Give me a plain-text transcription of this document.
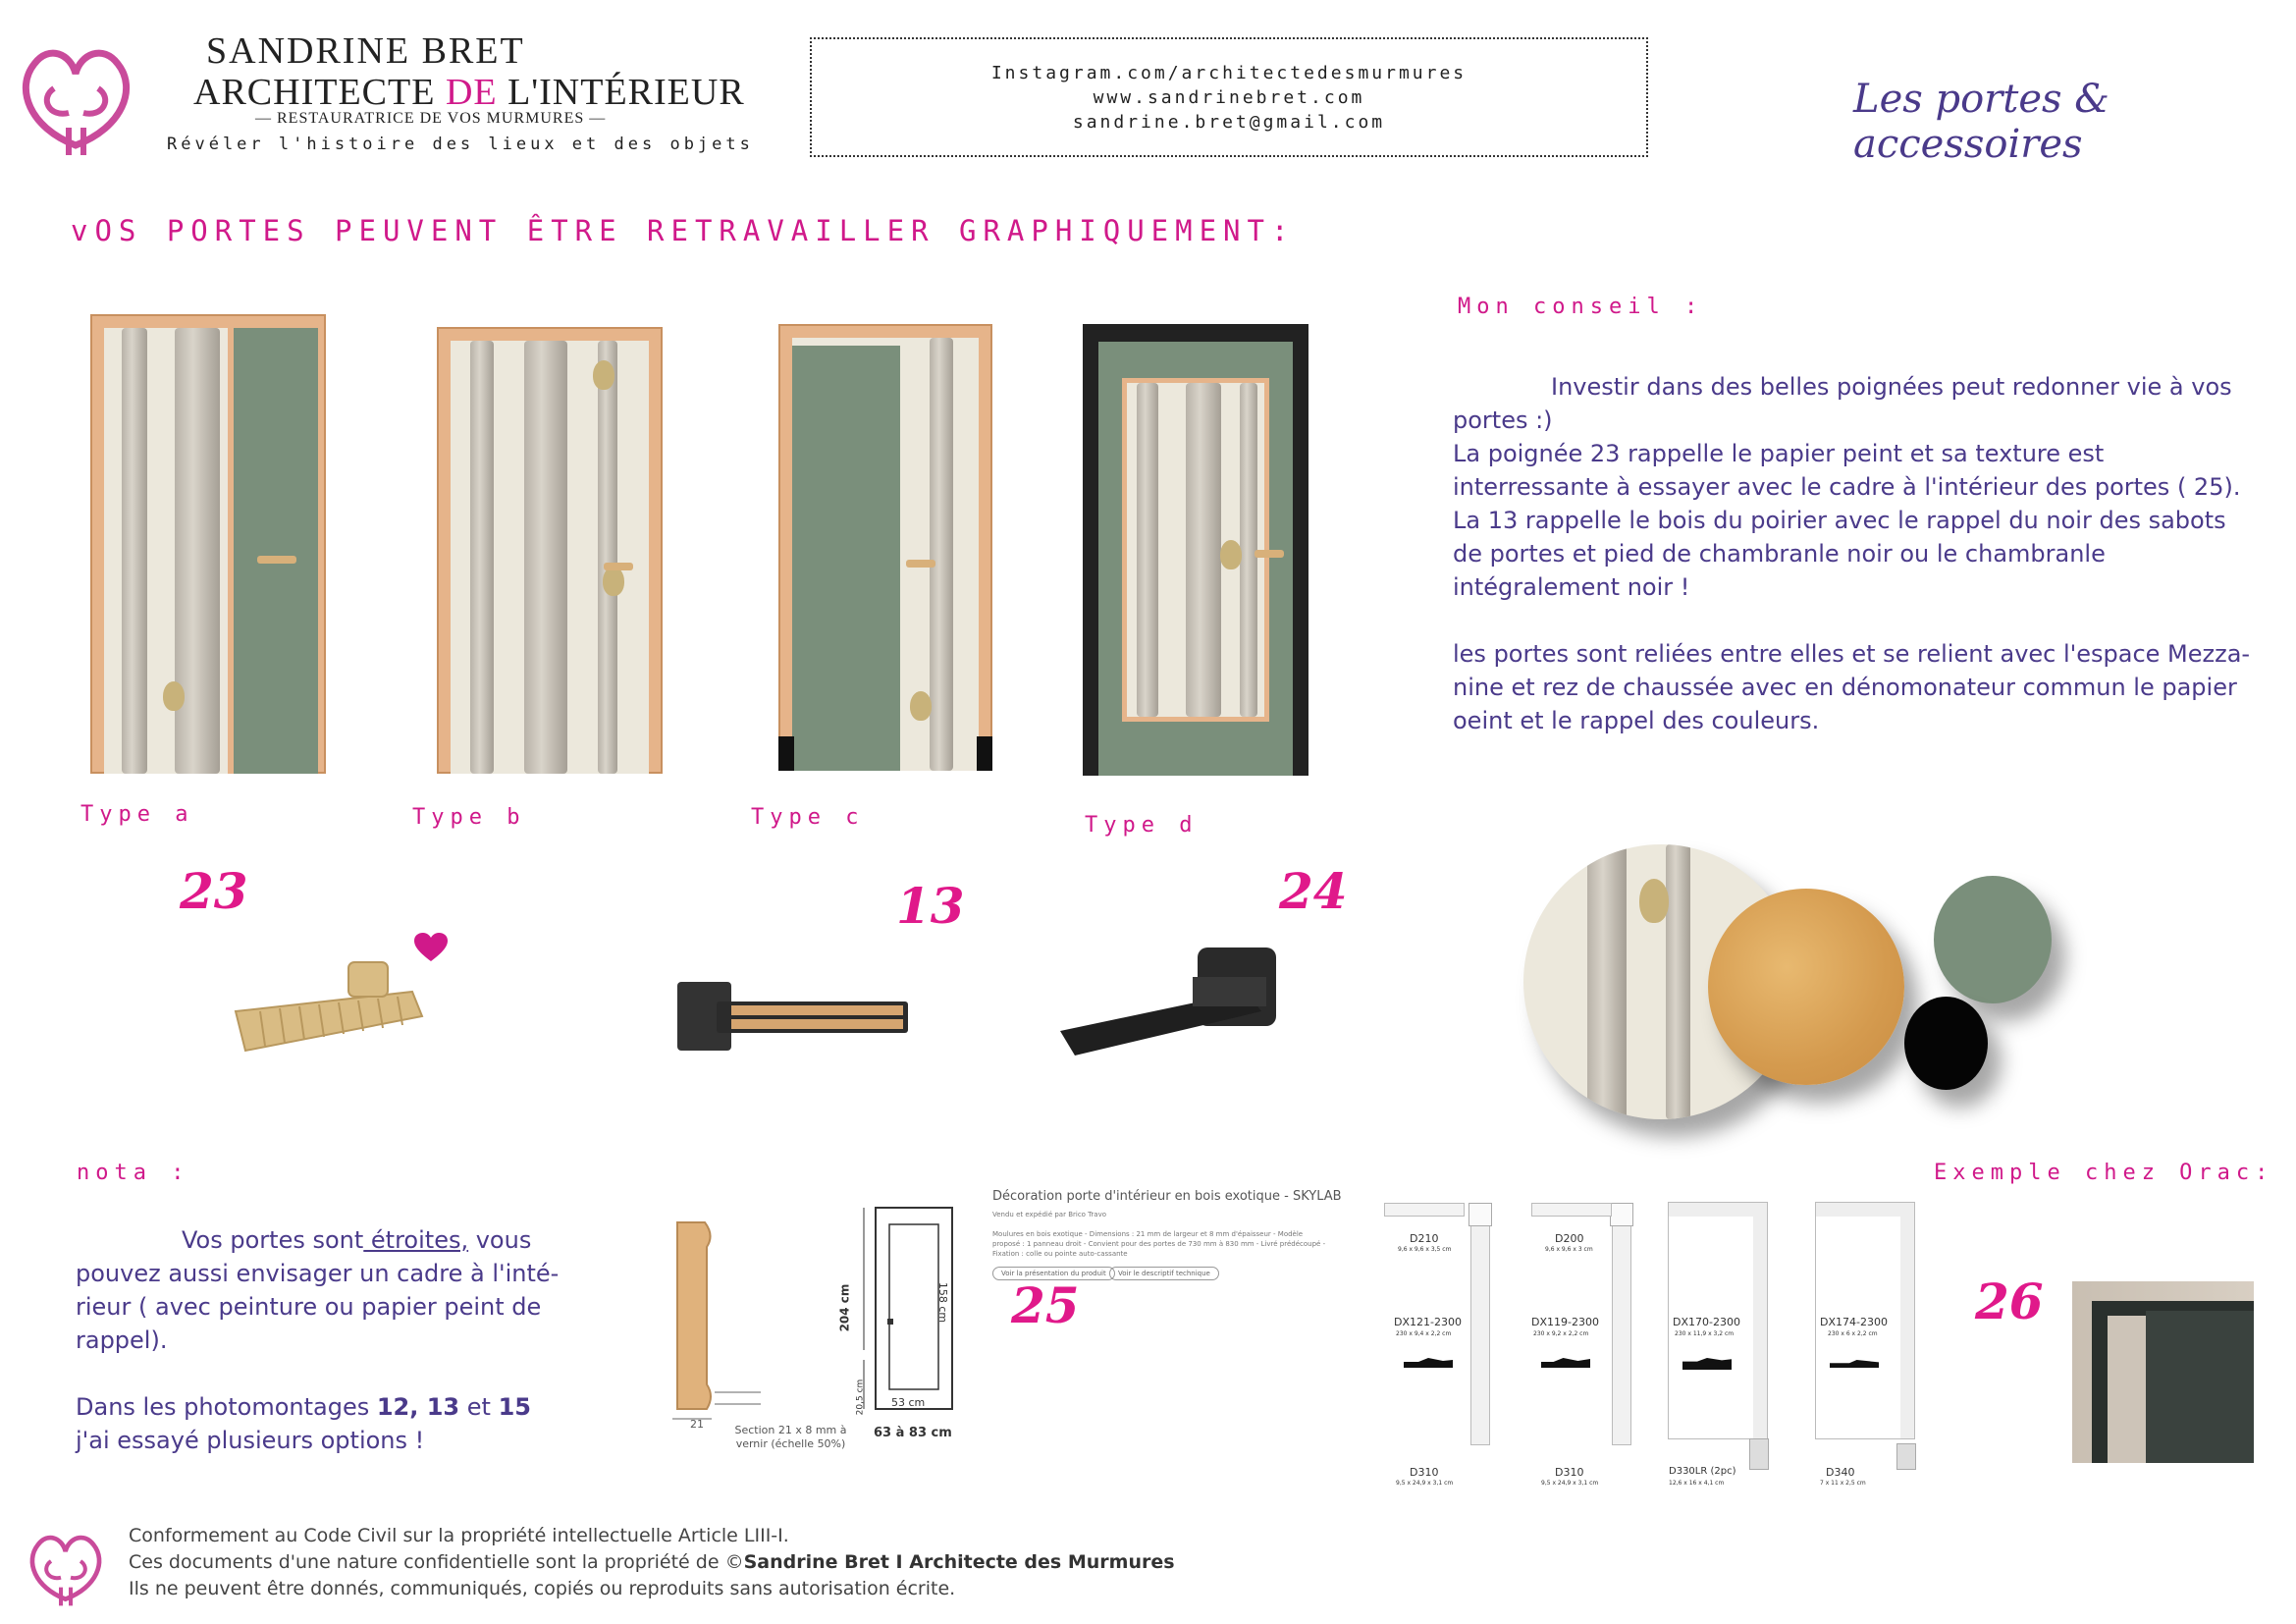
SANDRINE BRET
ARCHITECTE DE L'INTÉRIEUR
— RESTAURATRICE DE VOS MURMURES —
Révéler l'histoire des lieux et des objets
Instagram.com/architectedesmurmures
www.sandrinebret.com
sandrine.bret@gmail.com
Les portes & accessoires
vOS PORTES PEUVENT ÊTRE RETRAVAILLER GRAPHIQUEMENT:
Type a	Type b	Type c	Type d
Mon conseil :
Investir dans des belles poignées peut redonner vie à vos portes :)
La poignée 23 rappelle le papier peint et sa texture est interressante à essayer avec le cadre à l'intérieur des portes ( 25).
La 13 rappelle le bois du poirier avec le rappel du noir des sabots de portes et pied de chambranle noir ou le chambranle intégralement noir !
les portes sont reliées entre elles et se relient avec l'espace Mezza-nine et rez de chaussée avec en dénomonateur commun le papier oeint et le rappel des couleurs.
23	13	24
nota :
Vos portes sont étroites, vous pouvez aussi envisager un cadre à l'inté-rieur ( avec peinture ou papier peint de rappel).
Dans les photomontages 12, 13 et 15 j'ai essayé plusieurs options !
21	Section 21 x 8 mm à vernir (échelle 50%)
204 cm	158 cm
20,5 cm 53 cm
63 à 83 cm
Décoration porte d'intérieur en bois exotique - SKYLAB
Vendu et expédié par Brico Travo
Moulures en bois exotique - Dimensions : 21 mm de largeur et 8 mm d'épaisseur - Modèle proposé : 1 panneau droit - Convient pour des portes de 730 mm à 830 mm - Livré prédécoupé - Fixation : colle ou pointe auto-cassante
Voir la présentation du produit	Voir le descriptif technique
25
Exemple chez Orac:
D210
9,6 x 9,6 x 3,5 cm
DX121-2300
230 x 9,4 x 2,2 cm
D310
9,5 x 24,9 x 3,1 cm
D200
9,6 x 9,6 x 3 cm
DX119-2300
230 x 9,2 x 2,2 cm
D310
9,5 x 24,9 x 3,1 cm
DX170-2300
230 x 11,9 x 3,2 cm
D330LR (2pc)
12,6 x 16 x 4,1 cm
DX174-2300
230 x 6 x 2,2 cm
D340
7 x 11 x 2,5 cm
26
Conformement au Code Civil sur la propriété intellectuelle Article LIII-I.
Ces documents d'une nature confidentielle sont la propriété de ©Sandrine Bret I Architecte des Murmures
Ils ne peuvent être donnés, communiqués, copiés ou reproduits sans autorisation écrite.
